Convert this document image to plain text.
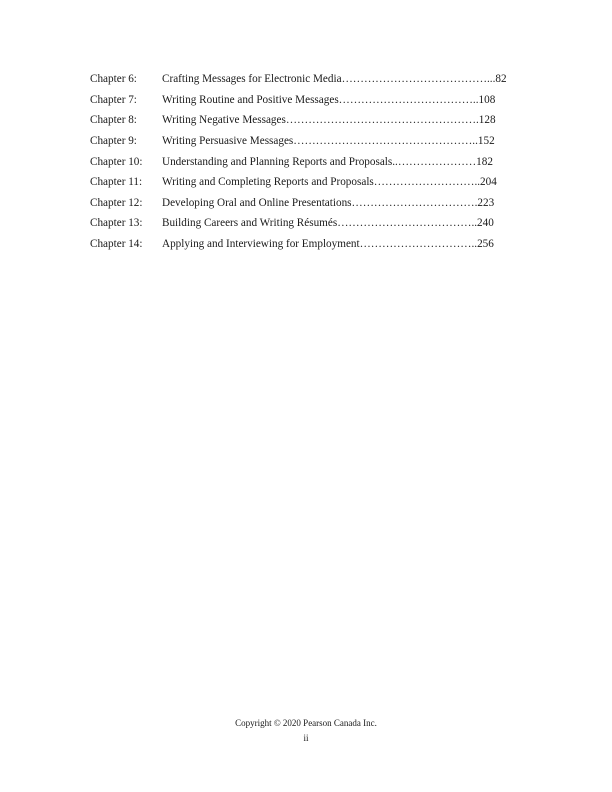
Chapter 6:	Crafting Messages for Electronic Media…………………………………...82
Chapter 7:	Writing Routine and Positive Messages………………………………..108
Chapter 8:	Writing Negative Messages…………………………………………….128
Chapter 9:	Writing Persuasive Messages…………………………………………..152
Chapter 10:	Understanding and Planning Reports and Proposals..…………………182
Chapter 11:	Writing and Completing Reports and Proposals………………………..204
Chapter 12:	Developing Oral and Online Presentations…………………………….223
Chapter 13:	Building Careers and Writing Résumés………………………………..240
Chapter 14:	Applying and Interviewing for Employment…………………………..256
Copyright © 2020 Pearson Canada Inc.
ii
